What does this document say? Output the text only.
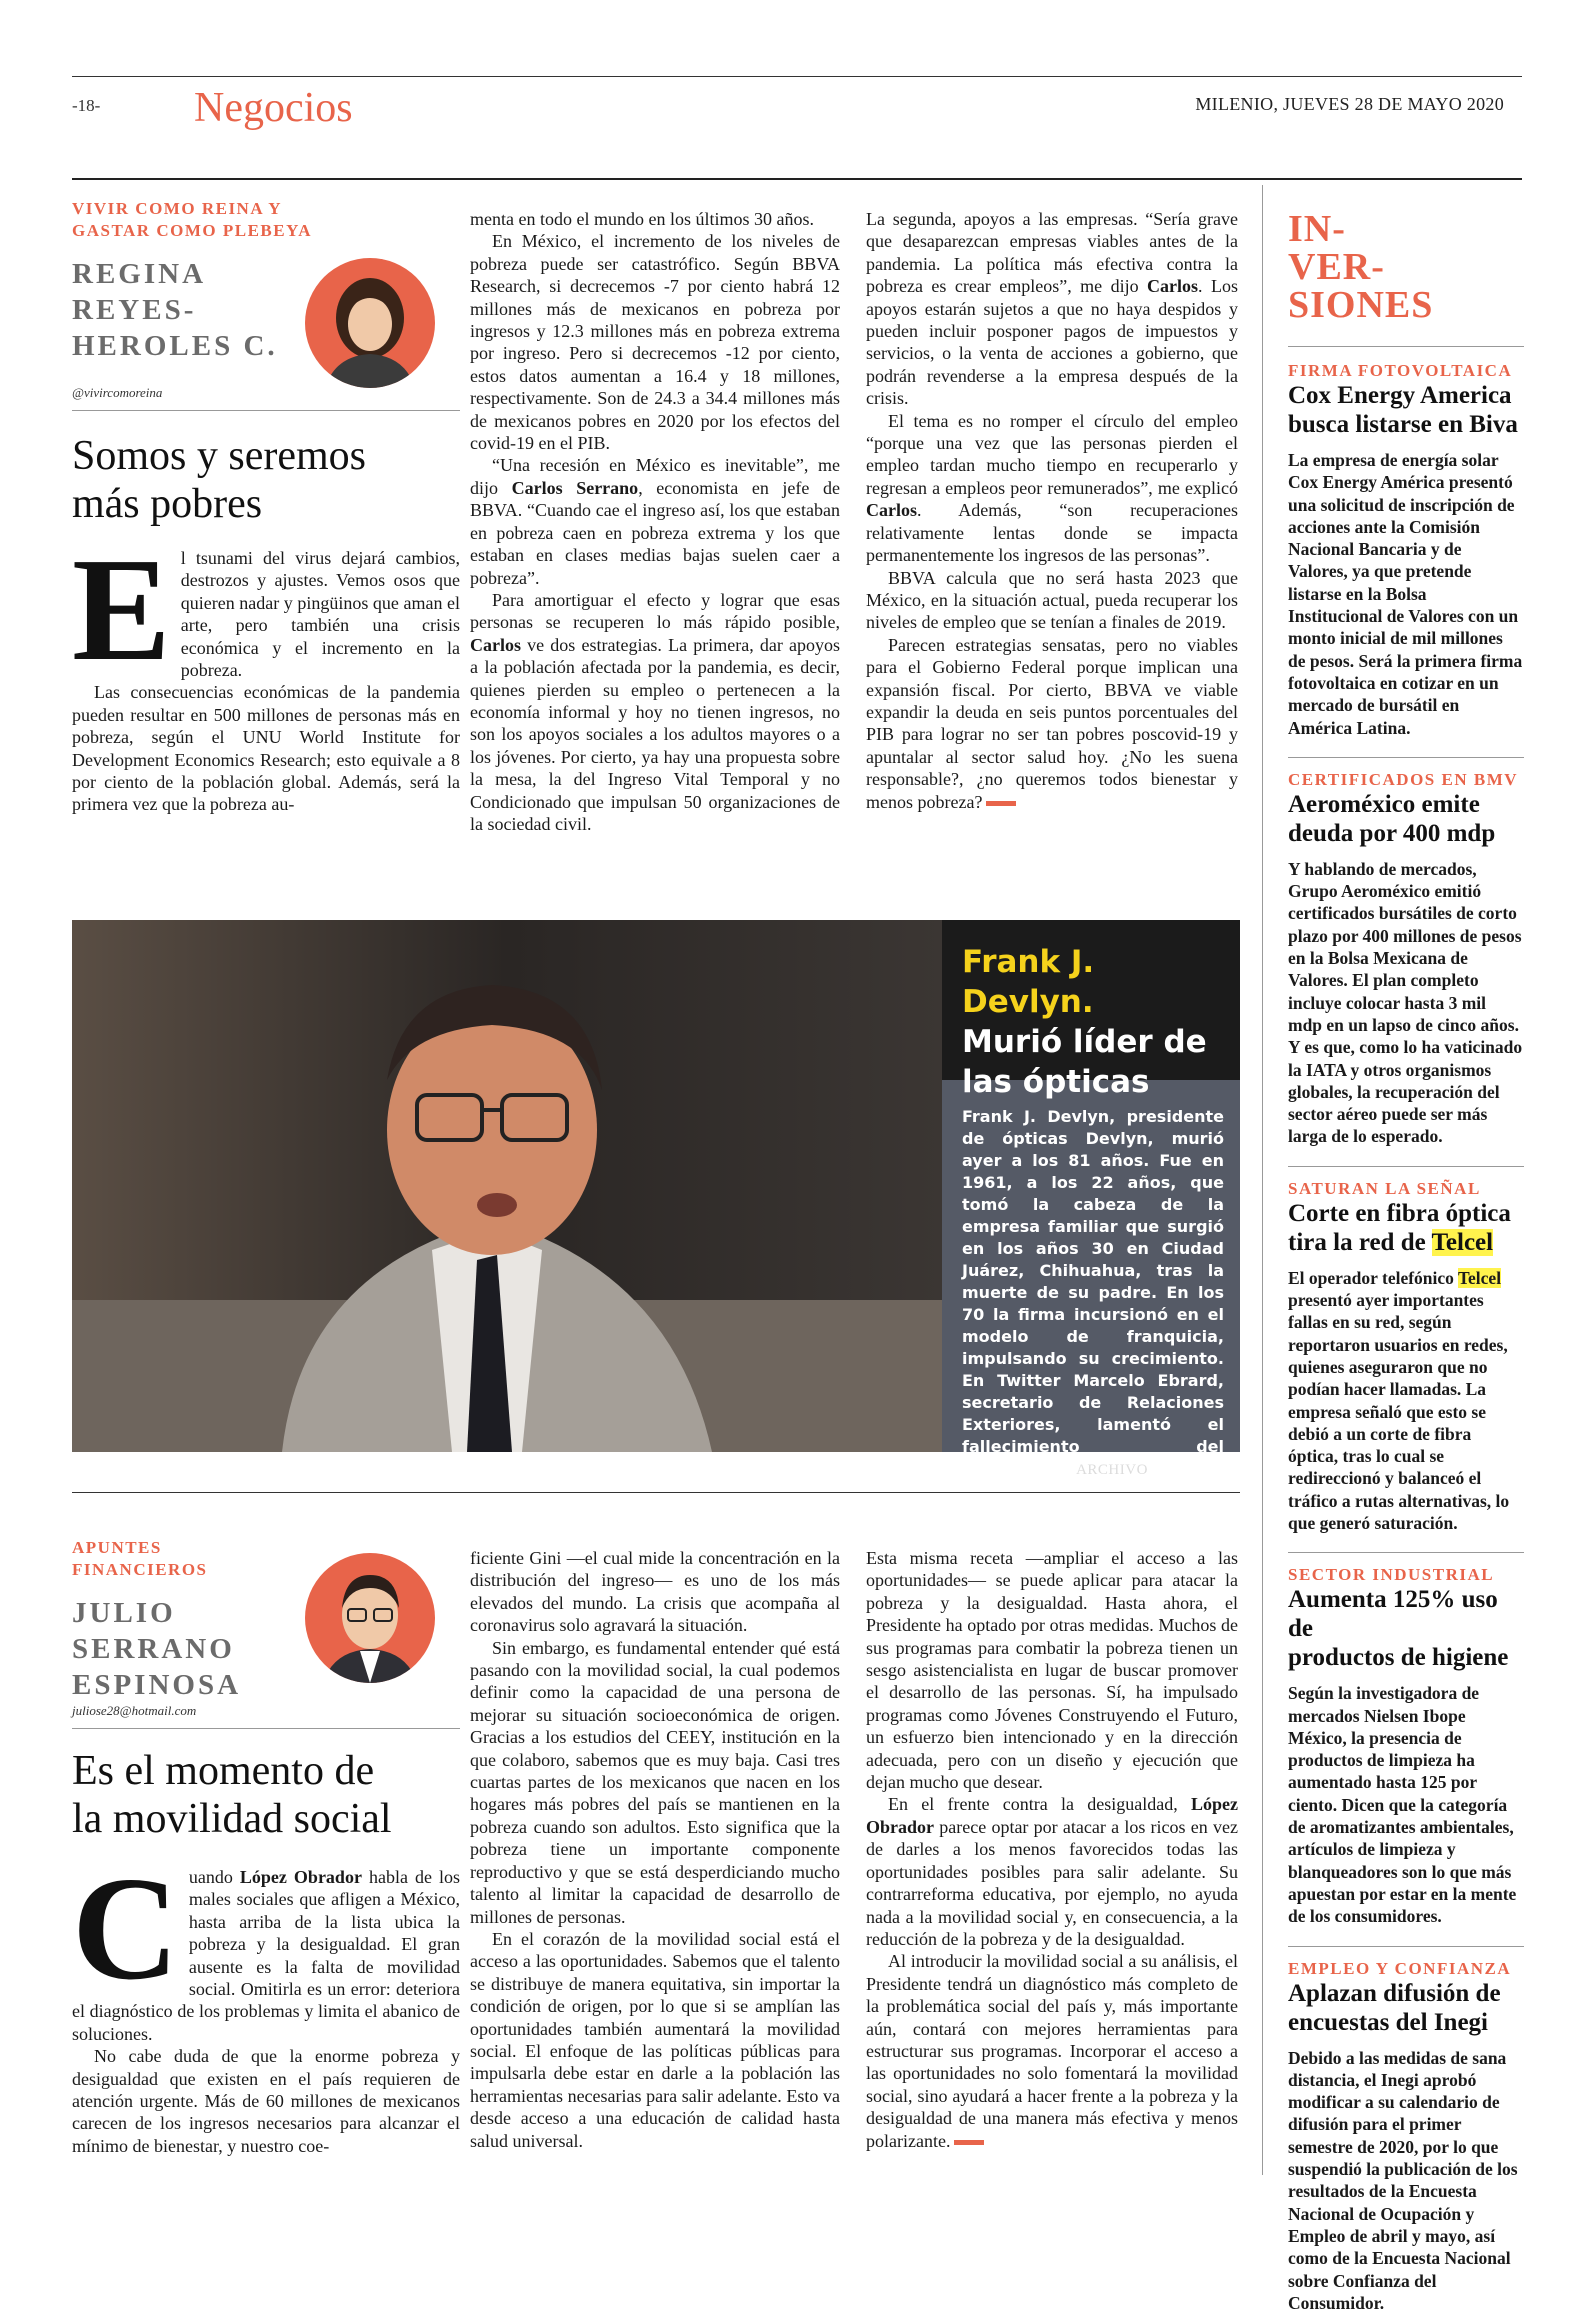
-18- Negocios	MILENIO, JUEVES 28 DE MAYO 2020
VIVIR COMO REINA Y
GASTAR COMO PLEBEYA
REGINA
REYES-
HEROLES C.
@vivircomoreina
Somos y seremos
más pobres

El tsunami del virus dejará cambios, destrozos y ajustes. Vemos osos que quieren nadar y pingüinos que aman el arte, pero también una crisis económica y el incremento en la pobreza.

Las consecuencias económicas de la pandemia pueden resultar en 500 millones de personas más en pobreza, según el UNU World Institute for Development Economics Research; esto equivale a 8 por ciento de la población global. Además, será la primera vez que la pobreza au-

menta en todo el mundo en los últimos 30 años.

En México, el incremento de los niveles de pobreza puede ser catastrófico. Según BBVA Research, si decrecemos -7 por ciento habrá 12 millones más de mexicanos en pobreza por ingresos y 12.3 millones más en pobreza extrema por ingreso. Pero si decrecemos -12 por ciento, estos datos aumentan a 16.4 y 18 millones, respectivamente. Son de 24.3 a 34.4 millones más de mexicanos pobres en 2020 por los efectos del covid-19 en el PIB.

“Una recesión en México es inevitable”, me dijo Carlos Serrano, economista en jefe de BBVA. “Cuando cae el ingreso así, los que estaban en pobreza caen en pobreza extrema y los que estaban en clases medias bajas suelen caer a pobreza”.

Para amortiguar el efecto y lograr que esas personas se recuperen lo más rápido posible, Carlos ve dos estrategias. La primera, dar apoyos a la población afectada por la pandemia, es decir, quienes pierden su empleo o pertenecen a la economía informal y hoy no tienen ingresos, no son los apoyos sociales a los adultos mayores o a los jóvenes. Por cierto, ya hay una propuesta sobre la mesa, la del Ingreso Vital Temporal y no Condicionado que impulsan 50 organizaciones de la sociedad civil.

La segunda, apoyos a las empresas. “Sería grave que desaparezcan empresas viables antes de la pandemia. La política más efectiva contra la pobreza es crear empleos”, me dijo Carlos. Los apoyos estarán sujetos a que no haya despidos y pueden incluir posponer pagos de impuestos y servicios, o la venta de acciones a gobierno, que podrán revenderse a la empresa después de la crisis.

El tema es no romper el círculo del empleo “porque una vez que las personas pierden el empleo tardan mucho tiempo en recuperarlo y regresan a empleos peor remunerados”, me explicó Carlos. Además, “son recuperaciones relativamente lentas donde se impacta permanentemente los ingresos de las personas”.

BBVA calcula que no será hasta 2023 que México, en la situación actual, pueda recuperar los niveles de empleo que se tenían a finales de 2019.

Parecen estrategias sensatas, pero no viables para el Gobierno Federal porque implican una expansión fiscal. Por cierto, BBVA ve viable expandir la deuda en seis puntos porcentuales del PIB para lograr no ser tan pobres poscovid-19 y apuntalar al sector salud hoy. ¿No les suena responsable?, ¿no queremos todos bienestar y menos pobreza?

Frank J. Devlyn.
Murió líder de
las ópticas
Frank J. Devlyn, presidente de ópticas Devlyn, murió ayer a los 81 años. Fue en 1961, a los 22 años, que tomó la cabeza de la empresa familiar que surgió en los años 30 en Ciudad Juárez, Chihuahua, tras la muerte de su padre. En los 70 la firma incursionó en el modelo de franquicia, impulsando su crecimiento. En Twitter Marcelo Ebrard, secretario de Relaciones Exteriores, lamentó el fallecimiento del empresario. ARCHIVO
APUNTES
FINANCIEROS
JULIO
SERRANO
ESPINOSA
juliose28@hotmail.com
Es el momento de
la movilidad social

Cuando López Obrador habla de los males sociales que afligen a México, hasta arriba de la lista ubica la pobreza y la desigualdad. El gran ausente es la falta de movilidad social. Omitirla es un error: deteriora el diagnóstico de los problemas y limita el abanico de soluciones.

No cabe duda de que la enorme pobreza y desigualdad que existen en el país requieren de atención urgente. Más de 60 millones de mexicanos carecen de los ingresos necesarios para alcanzar el mínimo de bienestar, y nuestro coe-

ficiente Gini —el cual mide la concentración en la distribución del ingreso— es uno de los más elevados del mundo. La crisis que acompaña al coronavirus solo agravará la situación.

Sin embargo, es fundamental entender qué está pasando con la movilidad social, la cual podemos definir como la capacidad de una persona de mejorar su situación socioeconómica de origen. Gracias a los estudios del CEEY, institución en la que colaboro, sabemos que es muy baja. Casi tres cuartas partes de los mexicanos que nacen en los hogares más pobres del país se mantienen en la pobreza cuando son adultos. Esto significa que la pobreza tiene un importante componente reproductivo y que se está desperdiciando mucho talento al limitar la capacidad de desarrollo de millones de personas.

En el corazón de la movilidad social está el acceso a las oportunidades. Sabemos que el talento se distribuye de manera equitativa, sin importar la condición de origen, por lo que si se amplían las oportunidades también aumentará la movilidad social. El enfoque de las políticas públicas para impulsarla debe estar en darle a la población las herramientas necesarias para salir adelante. Esto va desde acceso a una educación de calidad hasta salud universal.

Esta misma receta —ampliar el acceso a las oportunidades— se puede aplicar para atacar la pobreza y la desigualdad. Hasta ahora, el Presidente ha optado por otras medidas. Muchos de sus programas para combatir la pobreza tienen un sesgo asistencialista en lugar de buscar promover el desarrollo de las personas. Sí, ha impulsado programas como Jóvenes Construyendo el Futuro, un esfuerzo bien intencionado y en la dirección adecuada, pero con un diseño y ejecución que dejan mucho que desear.

En el frente contra la desigualdad, López Obrador parece optar por atacar a los ricos en vez de darles a los menos favorecidos todas las oportunidades posibles para salir adelante. Su contrarreforma educativa, por ejemplo, no ayuda nada a la movilidad social y, en consecuencia, a la reducción de la pobreza y de la desigualdad.

Al introducir la movilidad social a su análisis, el Presidente tendrá un diagnóstico más completo de la problemática social del país y, más importante aún, contará con mejores herramientas para estructurar sus programas. Incorporar el acceso a las oportunidades no solo fomentará la movilidad social, sino ayudará a hacer frente a la pobreza y la desigualdad de una manera más efectiva y menos polarizante.

IN-
VER-
SIONES
FIRMA FOTOVOLTAICA
Cox Energy America
busca listarse en Biva
La empresa de energía solar Cox Energy América presentó una solicitud de inscripción de acciones ante la Comisión Nacional Bancaria y de Valores, ya que pretende listarse en la Bolsa Institucional de Valores con un monto inicial de mil millones de pesos. Será la primera firma fotovoltaica en cotizar en un mercado de bursátil en América Latina.
CERTIFICADOS EN BMV
Aeroméxico emite
deuda por 400 mdp
Y hablando de mercados, Grupo Aeroméxico emitió certificados bursátiles de corto plazo por 400 millones de pesos en la Bolsa Mexicana de Valores. El plan completo incluye colocar hasta 3 mil mdp en un lapso de cinco años. Y es que, como lo ha vaticinado la IATA y otros organismos globales, la recuperación del sector aéreo puede ser más larga de lo esperado.
SATURAN LA SEÑAL
Corte en fibra óptica
tira la red de Telcel
El operador telefónico Telcel presentó ayer importantes fallas en su red, según reportaron usuarios en redes, quienes aseguraron que no podían hacer llamadas. La empresa señaló que esto se debió a un corte de fibra óptica, tras lo cual se redireccionó y balanceó el tráfico a rutas alternativas, lo que generó saturación.
SECTOR INDUSTRIAL
Aumenta 125% uso de
productos de higiene
Según la investigadora de mercados Nielsen Ibope México, la presencia de productos de limpieza ha aumentado hasta 125 por ciento. Dicen que la categoría de aromatizantes ambientales, artículos de limpieza y blanqueadores son lo que más apuestan por estar en la mente de los consumidores.
EMPLEO Y CONFIANZA
Aplazan difusión de
encuestas del Inegi
Debido a las medidas de sana distancia, el Inegi aprobó modificar a su calendario de difusión para el primer semestre de 2020, por lo que suspendió la publicación de los resultados de la Encuesta Nacional de Ocupación y Empleo de abril y mayo, así como de la Encuesta Nacional sobre Confianza del Consumidor.
